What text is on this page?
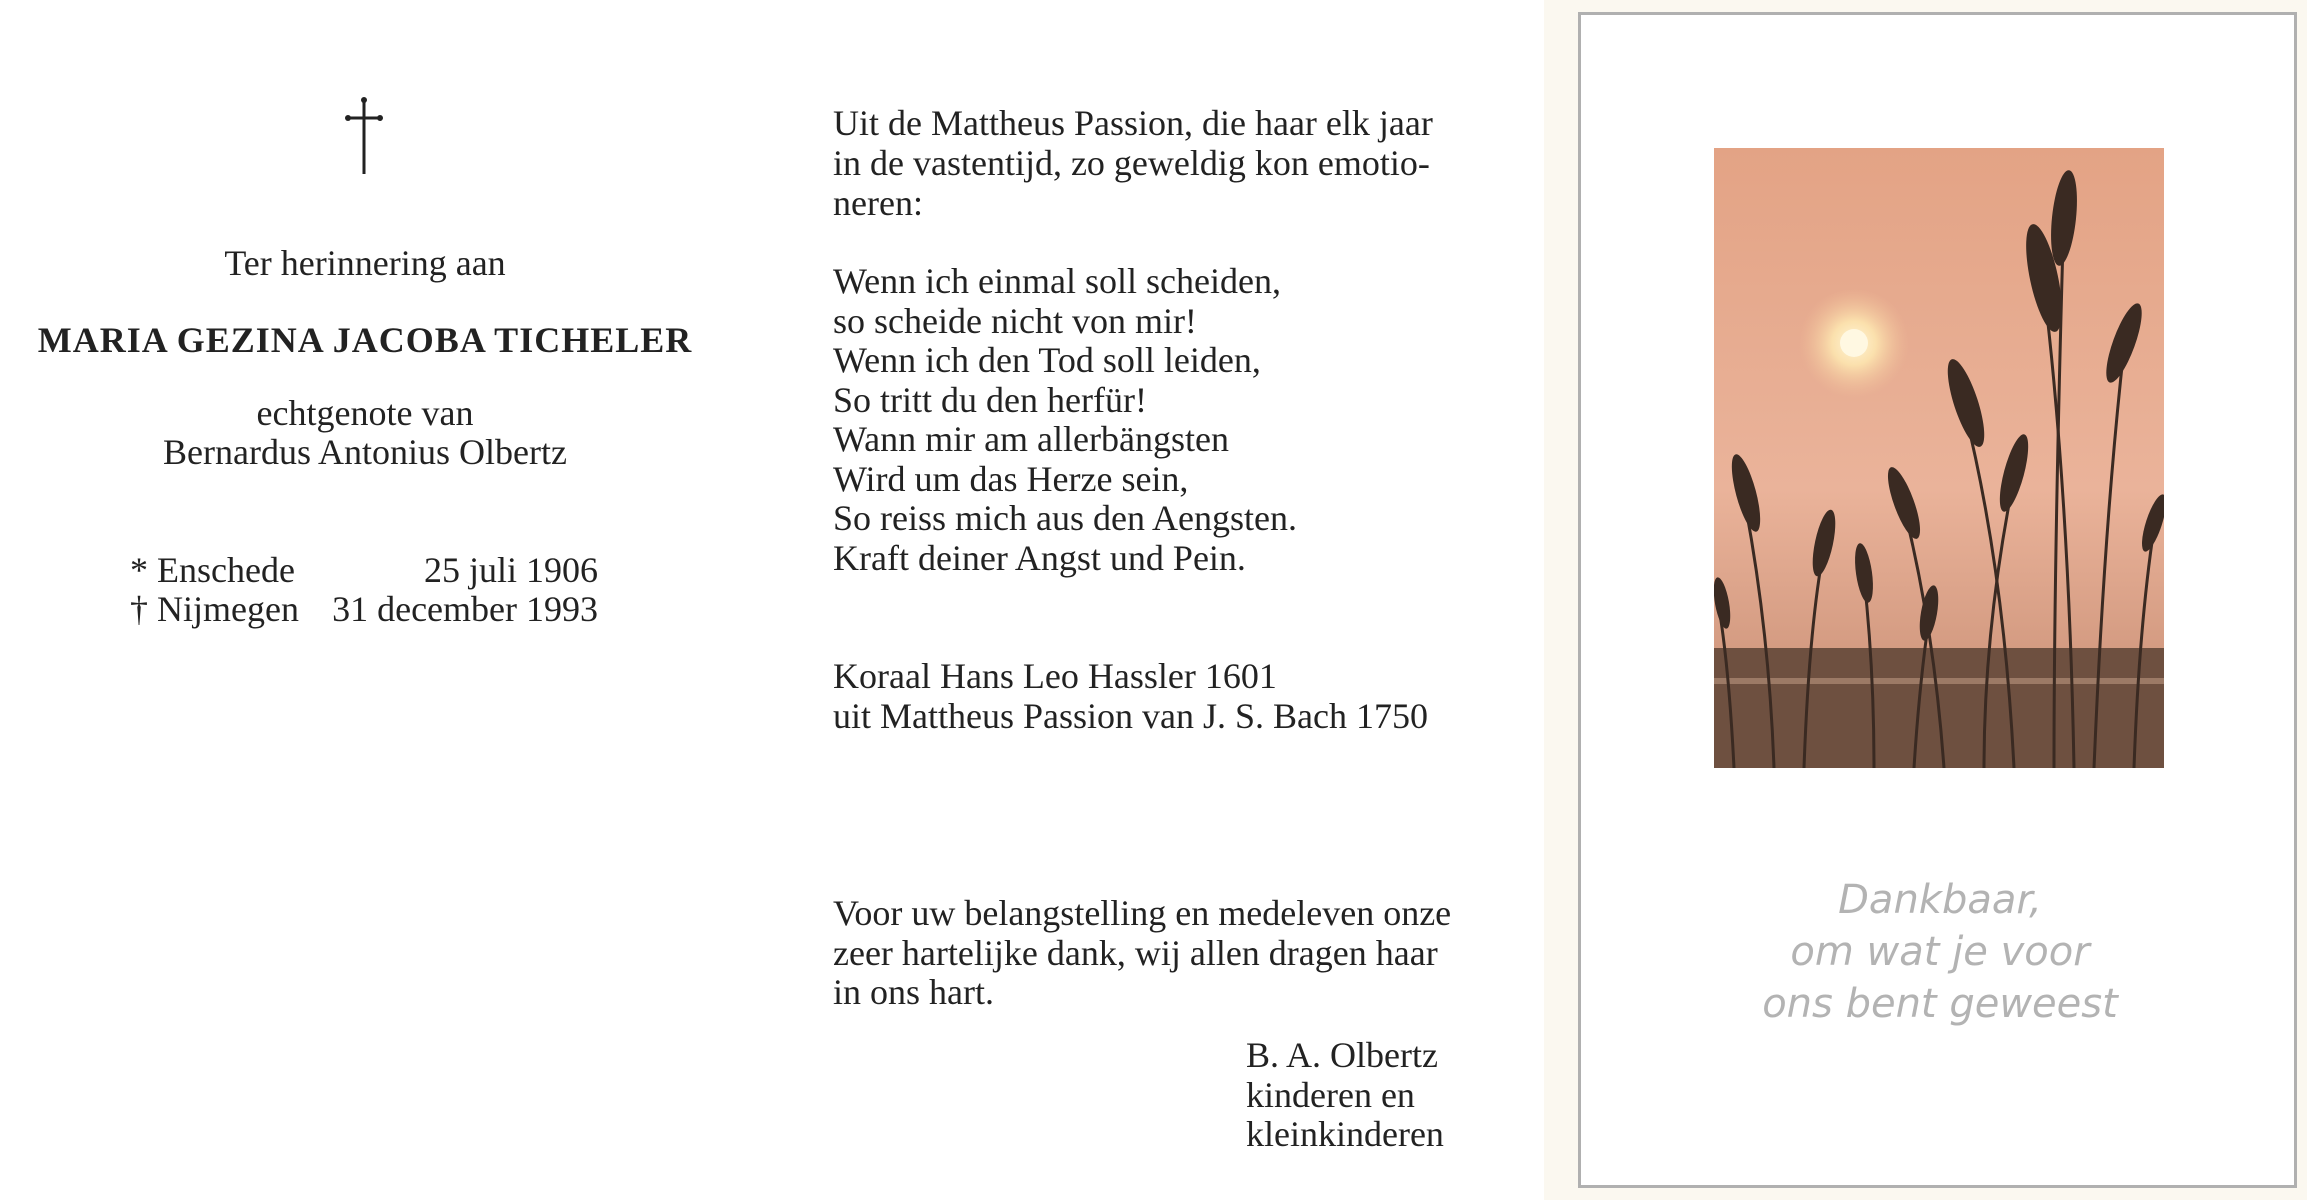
Ter herinnering aan
MARIA GEZINA JACOBA TICHELER
echtgenote van
Bernardus Antonius Olbertz
* Enschede	25 juli 1906
† Nijmegen 31 december 1993
Uit de Mattheus Passion, die haar elk jaar
in de vastentijd, zo geweldig kon emotio-
neren:
Wenn ich einmal soll scheiden,
so scheide nicht von mir!
Wenn ich den Tod soll leiden,
So tritt du den herfür!
Wann mir am allerbängsten
Wird um das Herze sein,
So reiss mich aus den Aengsten.
Kraft deiner Angst und Pein.
Koraal Hans Leo Hassler 1601
uit Mattheus Passion van J. S. Bach 1750
Voor uw belangstelling en medeleven onze
zeer hartelijke dank, wij allen dragen haar
in ons hart.
B. A. Olbertz
kinderen en
kleinkinderen
Dankbaar,
om wat je voor
ons bent geweest
